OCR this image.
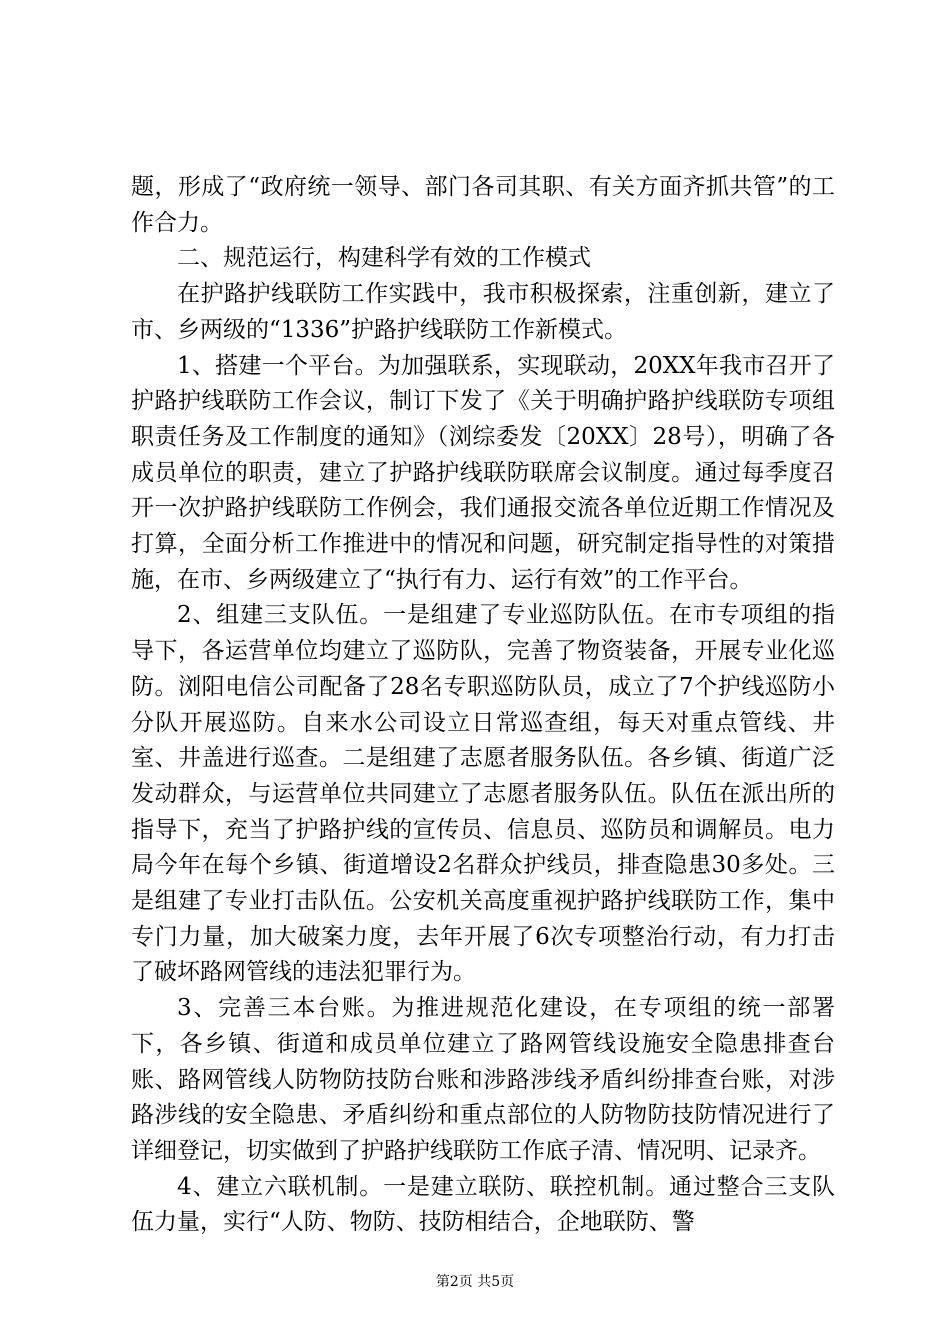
题，形成了“政府统一领导、部门各司其职、有关方面齐抓共管”的工作合力。

二、规范运行，构建科学有效的工作模式

在护路护线联防工作实践中，我市积极探索，注重创新，建立了市、乡两级的“1336”护路护线联防工作新模式。

1、搭建一个平台。为加强联系，实现联动，20XX年我市召开了护路护线联防工作会议，制订下发了《关于明确护路护线联防专项组职责任务及工作制度的通知》（浏综委发〔20XX〕28号），明确了各成员单位的职责，建立了护路护线联防联席会议制度。通过每季度召开一次护路护线联防工作例会，我们通报交流各单位近期工作情况及打算，全面分析工作推进中的情况和问题，研究制定指导性的对策措施，在市、乡两级建立了“执行有力、运行有效”的工作平台。

2、组建三支队伍。一是组建了专业巡防队伍。在市专项组的指导下，各运营单位均建立了巡防队，完善了物资装备，开展专业化巡防。浏阳电信公司配备了28名专职巡防队员，成立了7个护线巡防小分队开展巡防。自来水公司设立日常巡查组，每天对重点管线、井室、井盖进行巡查。二是组建了志愿者服务队伍。各乡镇、街道广泛发动群众，与运营单位共同建立了志愿者服务队伍。队伍在派出所的指导下，充当了护路护线的宣传员、信息员、巡防员和调解员。电力局今年在每个乡镇、街道增设2名群众护线员，排查隐患30多处。三是组建了专业打击队伍。公安机关高度重视护路护线联防工作，集中专门力量，加大破案力度，去年开展了6次专项整治行动，有力打击了破坏路网管线的违法犯罪行为。

3、完善三本台账。为推进规范化建设，在专项组的统一部署下，各乡镇、街道和成员单位建立了路网管线设施安全隐患排查台账、路网管线人防物防技防台账和涉路涉线矛盾纠纷排查台账，对涉路涉线的安全隐患、矛盾纠纷和重点部位的人防物防技防情况进行了详细登记，切实做到了护路护线联防工作底子清、情况明、记录齐。

4、建立六联机制。一是建立联防、联控机制。通过整合三支队伍力量，实行“人防、物防、技防相结合，企地联防、警

第2页 共5页
